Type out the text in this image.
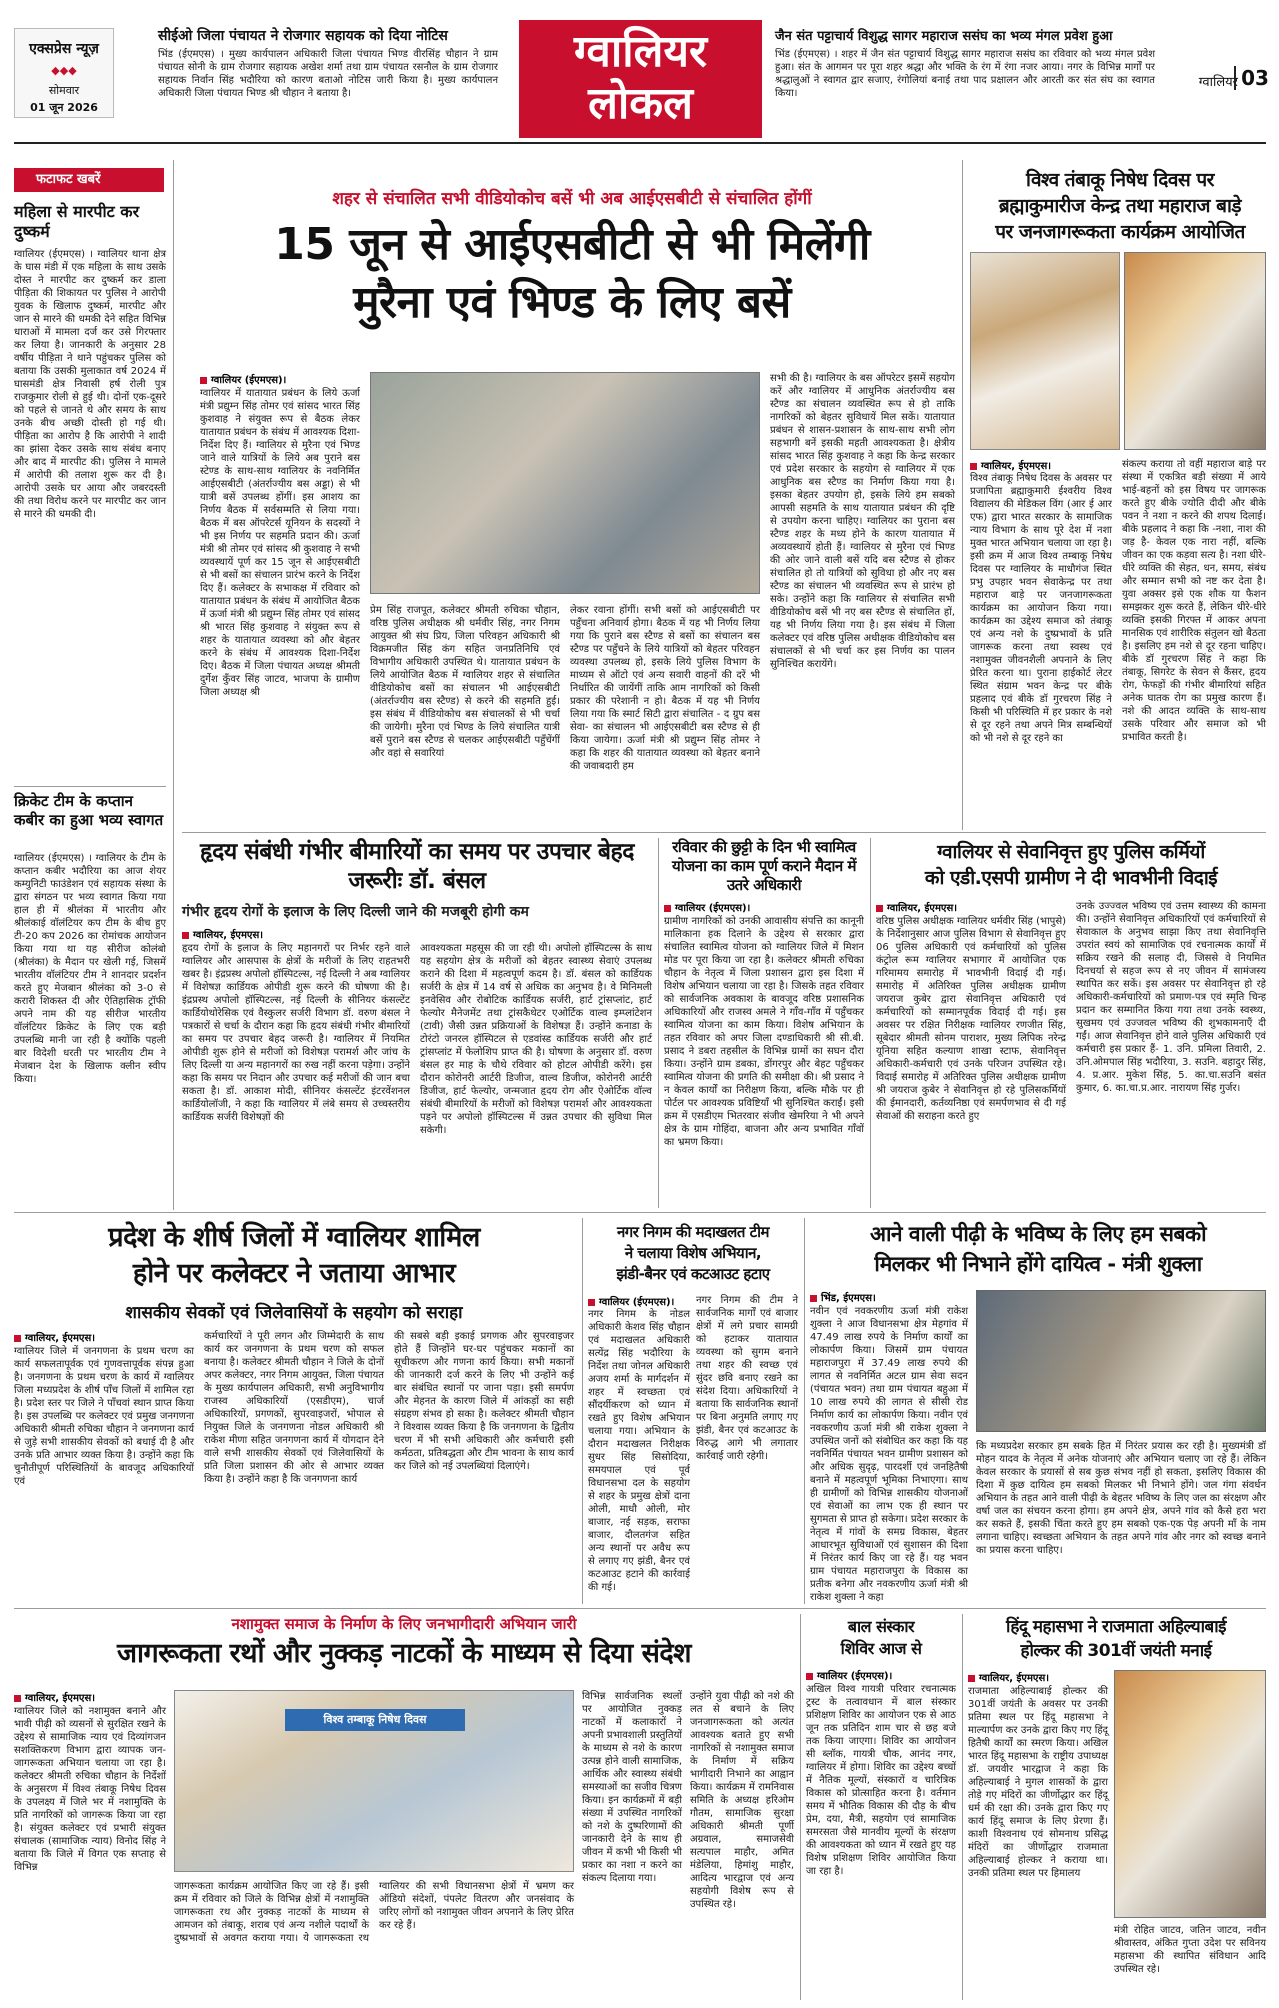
एक्सप्रेस न्यूज़
◆◆◆
सोमवार
01 जून 2026
सीईओ जिला पंचायत ने रोजगार सहायक को दिया नोटिस
भिंड (ईएमएस) । मुख्य कार्यपालन अधिकारी जिला पंचायत भिण्ड वीरसिंह चौहान ने ग्राम पंचायत सोनी के ग्राम रोजगार सहायक अखेश शर्मा तथा ग्राम पंचायत रसनौल के ग्राम रोजगार सहायक निर्वान सिंह भदौरिया को कारण बताओ नोटिस जारी किया है। मुख्य कार्यपालन अधिकारी जिला पंचायत भिण्ड श्री चौहान ने बताया है।
ग्वालियर
लोकल
जैन संत पट्टाचार्य विशुद्ध सागर महाराज ससंघ का भव्य मंगल प्रवेश हुआ
भिंड (ईएमएस) । शहर में जैन संत पट्टाचार्य विशुद्ध सागर महाराज ससंघ का रविवार को भव्य मंगल प्रवेश हुआ। संत के आगमन पर पूरा शहर श्रद्धा और भक्ति के रंग में रंगा नजर आया। नगर के विभिन्न मार्गों पर श्रद्धालुओं ने स्वागत द्वार सजाए, रंगोलियां बनाई तथा पाद प्रक्षालन और आरती कर संत संघ का स्वागत किया।
ग्वालियर 03
फटाफट खबरें
महिला से मारपीट कर दुष्कर्म
ग्वालियर (ईएमएस) । ग्वालियर थाना क्षेत्र के घास मंडी में एक महिला के साथ उसके दोस्त ने मारपीट कर दुष्कर्म कर डाला पीड़िता की शिकायत पर पुलिस ने आरोपी युवक के खिलाफ दुष्कर्म, मारपीट और जान से मारने की धमकी देने सहित विभिन्न धाराओं में मामला दर्ज कर उसे गिरफ्तार कर लिया है। जानकारी के अनुसार 28 वर्षीय पीड़िता ने थाने पहुंचकर पुलिस को बताया कि उसकी मुलाकात वर्ष 2024 में घासमंडी क्षेत्र निवासी हर्ष रोली पुत्र राजकुमार रोली से हुई थी। दोनों एक-दूसरे को पहले से जानते थे और समय के साथ उनके बीच अच्छी दोस्ती हो गई थी। पीड़िता का आरोप है कि आरोपी ने शादी का झांसा देकर उसके साथ संबंध बनाए और बाद में मारपीट की। पुलिस ने मामले में आरोपी की तलाश शुरू कर दी है। आरोपी उसके घर आया और जबरदस्ती की तथा विरोध करने पर मारपीट कर जान से मारने की धमकी दी।
क्रिकेट टीम के कप्तान कबीर का हुआ भव्य स्वागत
ग्वालियर (ईएमएस) । ग्वालियर के टीम के कप्तान कबीर भदौरिया का आज शेयर कम्युनिटी फाउंडेशन एवं सहायक संस्था के द्वारा संगठन पर भव्य स्वागत किया गया हाल ही में श्रीलंका में भारतीय और श्रीलंकाई वॉलंटियर कप टीम के बीच हुए टी-20 कप 2026 का रोमांचक आयोजन किया गया था यह सीरीज कोलंबो (श्रीलंका) के मैदान पर खेली गई, जिसमें भारतीय वॉलंटियर टीम ने शानदार प्रदर्शन करते हुए मेजबान श्रीलंका को 3-0 से करारी शिकस्त दी और ऐतिहासिक ट्रॉफी अपने नाम की यह सीरीज भारतीय वॉलंटियर क्रिकेट के लिए एक बड़ी उपलब्धि मानी जा रही है क्योंकि पहली बार विदेशी धरती पर भारतीय टीम ने मेजबान देश के खिलाफ क्लीन स्वीप किया।
शहर से संचालित सभी वीडियोकोच बसें भी अब आईएसबीटी से संचालित होंगीं
15 जून से आईएसबीटी से भी मिलेंगी
मुरैना एवं भिण्ड के लिए बसें
ग्वालियर (ईएमएस)।
ग्वालियर में यातायात प्रबंधन के लिये ऊर्जा मंत्री प्रद्युम्न सिंह तोमर एवं सांसद भारत सिंह कुशवाह ने संयुक्त रूप से बैठक लेकर यातायात प्रबंधन के संबंध में आवश्यक दिशा-निर्देश दिए हैं। ग्वालियर से मुरैना एवं भिण्ड जाने वाले यात्रियों के लिये अब पुराने बस स्टेण्ड के साथ-साथ ग्वालियर के नवनिर्मित आईएसबीटी (अंतर्राज्यीय बस अड्डा) से भी यात्री बसें उपलब्ध होंगीं। इस आशय का निर्णय बैठक में सर्वसम्मति से लिया गया। बैठक में बस ऑपरेटर्स यूनियन के सदस्यों ने भी इस निर्णय पर सहमति प्रदान की। ऊर्जा मंत्री श्री तोमर एवं सांसद श्री कुशवाह ने सभी व्यवस्थायें पूर्ण कर 15 जून से आईएसबीटी से भी बसों का संचालन प्रारंभ करने के निर्देश दिए हैं। कलेक्टर के सभाकक्ष में रविवार को यातायात प्रबंधन के संबंध में आयोजित बैठक में ऊर्जा मंत्री श्री प्रद्युम्न सिंह तोमर एवं सांसद श्री भारत सिंह कुशवाह ने संयुक्त रूप से शहर के यातायात व्यवस्था को और बेहतर करने के संबंध में आवश्यक दिशा-निर्देश दिए। बैठक में जिला पंचायत अध्यक्ष श्रीमती दुर्गेश कुँवर सिंह जाटव, भाजपा के ग्रामीण जिला अध्यक्ष श्री
प्रेम सिंह राजपूत, कलेक्टर श्रीमती रुचिका चौहान, वरिष्ठ पुलिस अधीक्षक श्री धर्मवीर सिंह, नगर निगम आयुक्त श्री संघ प्रिय, जिला परिवहन अधिकारी श्री विक्रमजीत सिंह कंग सहित जनप्रतिनिधि एवं विभागीय अधिकारी उपस्थित थे। यातायात प्रबंधन के लिये आयोजित बैठक में ग्वालियर शहर से संचालित वीडियोकोच बसों का संचालन भी आईएसबीटी (अंतर्राज्यीय बस स्टैण्ड) से करने की सहमति हुई। इस संबंध में वीडियोकोच बस संचालकों से भी चर्चा की जायेगी। मुरैना एवं भिण्ड के लिये संचालित यात्री बसें पुराने बस स्टैण्ड से चलकर आईएसबीटी पहुँचेंगीं और वहां से सवारियां
लेकर रवाना होंगीं। सभी बसों को आईएसबीटी पर पहुँचना अनिवार्य होगा। बैठक में यह भी निर्णय लिया गया कि पुराने बस स्टैण्ड से बसों का संचालन बस स्टैण्ड पर पहुँचने के लिये यात्रियों को बेहतर परिवहन व्यवस्था उपलब्ध हो, इसके लिये पुलिस विभाग के माध्यम से ऑटो एवं अन्य सवारी वाहनों की दरें भी निर्धारित की जायेंगीं ताकि आम नागरिकों को किसी प्रकार की परेशानी न हो। बैठक में यह भी निर्णय लिया गया कि स्मार्ट सिटी द्वारा संचालित - द ग्रुप बस सेवा- का संचालन भी आईएसबीटी बस स्टैण्ड से ही किया जायेगा। ऊर्जा मंत्री श्री प्रद्युम्न सिंह तोमर ने कहा कि शहर की यातायात व्यवस्था को बेहतर बनाने की जवाबदारी हम
सभी की है। ग्वालियर के बस ऑपरेटर इसमें सहयोग करें और ग्वालियर में आधुनिक अंतर्राज्यीय बस स्टैण्ड का संचालन व्यवस्थित रूप से हो ताकि नागरिकों को बेहतर सुविधायें मिल सकें। यातायात प्रबंधन से शासन-प्रशासन के साथ-साथ सभी लोग सहभागी बनें इसकी महती आवश्यकता है। क्षेत्रीय सांसद भारत सिंह कुशवाह ने कहा कि केन्द्र सरकार एवं प्रदेश सरकार के सहयोग से ग्वालियर में एक आधुनिक बस स्टैण्ड का निर्माण किया गया है। इसका बेहतर उपयोग हो, इसके लिये हम सबको आपसी सहमति के साथ यातायात प्रबंधन की दृष्टि से उपयोग करना चाहिए। ग्वालियर का पुराना बस स्टैण्ड शहर के मध्य होने के कारण यातायात में अव्यवस्थायें होती हैं। ग्वालियर से मुरैना एवं भिण्ड की ओर जाने वाली बसें यदि बस स्टैण्ड से होकर संचालित हो तो यात्रियों को सुविधा हो और नए बस स्टैण्ड का संचालन भी व्यवस्थित रूप से प्रारंभ हो सके। उन्होंने कहा कि ग्वालियर से संचालित सभी वीडियोकोच बसें भी नए बस स्टैण्ड से संचालित हों, यह भी निर्णय लिया गया है। इस संबंध में जिला कलेक्टर एवं वरिष्ठ पुलिस अधीक्षक वीडियोकोच बस संचालकों से भी चर्चा कर इस निर्णय का पालन सुनिश्चित करायेंगे।
विश्व तंबाकू निषेध दिवस पर
ब्रह्माकुमारीज केन्द्र तथा महाराज बाड़े
पर जनजागरूकता कार्यक्रम आयोजित
ग्वालियर, ईएमएस।
विश्व तंबाकू निषेध दिवस के अवसर पर प्रजापिता ब्रह्माकुमारी ईश्वरीय विश्व विद्यालय की मेडिकल विंग (आर ई आर एफ) द्वारा भारत सरकार के सामाजिक न्याय विभाग के साथ पूरे देश में नशा मुक्त भारत अभियान चलाया जा रहा है। इसी क्रम में आज विश्व तम्बाकू निषेध दिवस पर ग्वालियर के माधौगंज स्थित प्रभु उपहार भवन सेवाकेन्द्र पर तथा महाराज बाड़े पर जनजागरूकता कार्यक्रम का आयोजन किया गया। कार्यक्रम का उद्देश्य समाज को तंबाकू एवं अन्य नशे के दुष्प्रभावों के प्रति जागरूक करना तथा स्वस्थ एवं नशामुक्त जीवनशैली अपनाने के लिए प्रेरित करना था। पुराना हाईकोर्ट लेटर स्थित संग्राम भवन केन्द्र पर बीके प्रहलाद एवं बीके डॉ गुरचरण सिंह ने किसी भी परिस्थिति में हर प्रकार के नशे से दूर रहने तथा अपने मित्र सम्बन्धियों को भी नशे से दूर रहने का
संकल्प कराया तो वहीं महाराज बाड़े पर संस्था में एकत्रित बड़ी संख्या में आये भाई-बहनों को इस विषय पर जागरूक करते हुए बीके ज्योति दीदी और बीके पवन ने नशा न करने की शपथ दिलाई। बीके प्रहलाद ने कहा कि -नशा, नाश की जड़ है- केवल एक नारा नहीं, बल्कि जीवन का एक कड़वा सत्य है। नशा धीरे-धीरे व्यक्ति की सेहत, धन, समय, संबंध और सम्मान सभी को नष्ट कर देता है। युवा अक्सर इसे एक शौक या फैशन समझकर शुरू करते हैं, लेकिन धीरे-धीरे व्यक्ति इसकी गिरफ्त में आकर अपना मानसिक एवं शारीरिक संतुलन खो बैठता है। इसलिए हम नशे से दूर रहना चाहिए। बीके डॉ गुरचरण सिंह ने कहा कि तंबाकू, सिगरेट के सेवन से कैंसर, हृदय रोग, फेफड़ों की गंभीर बीमारियां सहित अनेक घातक रोग का प्रमुख कारण हैं। नशे की आदत व्यक्ति के साथ-साथ उसके परिवार और समाज को भी प्रभावित करती है।
हृदय संबंधी गंभीर बीमारियों का समय पर उपचार बेहद जरूरीः डॉ. बंसल
गंभीर हृदय रोगों के इलाज के लिए दिल्ली जाने की मजबूरी होगी कम
ग्वालियर, ईएमएस।
हृदय रोगों के इलाज के लिए महानगरों पर निर्भर रहने वाले ग्वालियर और आसपास के क्षेत्रों के मरीजों के लिए राहतभरी खबर है। इंद्रप्रस्थ अपोलो हॉस्पिटल्स, नई दिल्ली ने अब ग्वालियर में विशेषज्ञ कार्डियक ओपीडी शुरू करने की घोषणा की है। इंद्रप्रस्थ अपोलो हॉस्पिटल्स, नई दिल्ली के सीनियर कंसल्टेंट कार्डियोथोरेसिक एवं वैस्कुलर सर्जरी विभाग डॉ. वरुण बंसल ने पत्रकारों से चर्चा के दौरान कहा कि हृदय संबंधी गंभीर बीमारियों का समय पर उपचार बेहद जरूरी है। ग्वालियर में नियमित ओपीडी शुरू होने से मरीजों को विशेषज्ञ परामर्श और जांच के लिए दिल्ली या अन्य महानगरों का रुख नहीं करना पड़ेगा। उन्होंने कहा कि समय पर निदान और उपचार कई मरीजों की जान बचा सकता है। डॉ. आकाश मोदी, सीनियर कंसल्टेंट इंटरवेंशनल कार्डियोलॉजी, ने कहा कि ग्वालियर में लंबे समय से उच्चस्तरीय कार्डियक सर्जरी विशेषज्ञों की
आवश्यकता महसूस की जा रही थी। अपोलो हॉस्पिटल्स के साथ यह सहयोग क्षेत्र के मरीजों को बेहतर स्वास्थ्य सेवाएं उपलब्ध कराने की दिशा में महत्वपूर्ण कदम है। डॉ. बंसल को कार्डियक सर्जरी के क्षेत्र में 14 वर्ष से अधिक का अनुभव है। वे मिनिमली इनवेसिव और रोबोटिक कार्डियक सर्जरी, हार्ट ट्रांसप्लांट, हार्ट फेल्योर मैनेजमेंट तथा ट्रांसकैथेटर एओर्टिक वाल्व इम्प्लांटेशन (टावी) जैसी उन्नत प्रक्रियाओं के विशेषज्ञ हैं। उन्होंने कनाडा के टोरंटो जनरल हॉस्पिटल से एडवांस्ड कार्डियक सर्जरी और हार्ट ट्रांसप्लांट में फेलोशिप प्राप्त की है। घोषणा के अनुसार डॉ. वरुण बंसल हर माह के चौथे रविवार को होटल ओपीडी करेंगे। इस दौरान कोरोनरी आर्टरी डिजीज, वाल्व डिजीज, कोरोनरी आर्टरी डिजीज, हार्ट फेल्योर, जन्मजात हृदय रोग और ऐओर्टिक वॉल्व संबंधी बीमारियों के मरीजों को विशेषज्ञ परामर्श और आवश्यकता पड़ने पर अपोलो हॉस्पिटल्स में उन्नत उपचार की सुविधा मिल सकेगी।
रविवार की छुट्टी के दिन भी स्वामित्व योजना का काम पूर्ण कराने मैदान में उतरे अधिकारी
ग्वालियर (ईएमएस)।
ग्रामीण नागरिकों को उनकी आवासीय संपत्ति का कानूनी मालिकाना हक दिलाने के उद्देश्य से सरकार द्वारा संचालित स्वामित्व योजना को ग्वालियर जिले में मिशन मोड पर पूरा किया जा रहा है। कलेक्टर श्रीमती रुचिका चौहान के नेतृत्व में जिला प्रशासन द्वारा इस दिशा में विशेष अभियान चलाया जा रहा है। जिसके तहत रविवार को सार्वजनिक अवकाश के बावजूद वरिष्ठ प्रशासनिक अधिकारियों और राजस्व अमले ने गाँव-गाँव में पहुँचकर स्वामित्व योजना का काम किया। विशेष अभियान के तहत रविवार को अपर जिला दण्डाधिकारी श्री सी.बी. प्रसाद ने डबरा तहसील के विभिन्न ग्रामों का सघन दौरा किया। उन्होंने ग्राम डबका, डोंगरपुर और बेहट पहुँचकर स्वामित्व योजना की प्रगति की समीक्षा की। श्री प्रसाद ने न केवल कार्यों का निरीक्षण किया, बल्कि मौके पर ही पोर्टल पर आवश्यक प्रविष्टियाँ भी सुनिश्चित कराईं। इसी क्रम में एसडीएम भितरवार संजीव खेमरिया ने भी अपने क्षेत्र के ग्राम गोहिंदा, बाजना और अन्य प्रभावित गाँवों का भ्रमण किया।
ग्वालियर से सेवानिवृत्त हुए पुलिस कर्मियों
को एडी.एसपी ग्रामीण ने दी भावभीनी विदाई
ग्वालियर, ईएमएस।
वरिष्ठ पुलिस अधीक्षक ग्वालियर धर्मवीर सिंह (भापुसे) के निर्देशानुसार आज पुलिस विभाग से सेवानिवृत्त हुए 06 पुलिस अधिकारी एवं कर्मचारियों को पुलिस कंट्रोल रूम ग्वालियर सभागार में आयोजित एक गरिमामय समारोह में भावभीनी विदाई दी गई। समारोह में अतिरिक्त पुलिस अधीक्षक ग्रामीण जयराज कुबेर द्वारा सेवानिवृत्त अधिकारी एवं कर्मचारियों को सम्मानपूर्वक विदाई दी गई। इस अवसर पर रक्षित निरीक्षक ग्वालियर रणजीत सिंह, सूबेदार श्रीमती सोनम पाराशर, मुख्य लिपिक नरेन्द्र यूनिया सहित कल्याण शाखा स्टाफ, सेवानिवृत्त अधिकारी-कर्मचारी एवं उनके परिजन उपस्थित रहे। विदाई समारोह में अतिरिक्त पुलिस अधीक्षक ग्रामीण श्री जयराज कुबेर ने सेवानिवृत्त हो रहे पुलिसकर्मियों की ईमानदारी, कर्तव्यनिष्ठा एवं समर्पणभाव से दी गई सेवाओं की सराहना करते हुए
उनके उज्ज्वल भविष्य एवं उत्तम स्वास्थ्य की कामना की। उन्होंने सेवानिवृत्त अधिकारियों एवं कर्मचारियों से सेवाकाल के अनुभव साझा किए तथा सेवानिवृत्ति उपरांत स्वयं को सामाजिक एवं रचनात्मक कार्यों में सक्रिय रखने की सलाह दी, जिससे वे नियमित दिनचर्या से सहज रूप से नए जीवन में सामंजस्य स्थापित कर सकें। इस अवसर पर सेवानिवृत्त हो रहे अधिकारी-कर्मचारियों को प्रमाण-पत्र एवं स्मृति चिन्ह प्रदान कर सम्मानित किया गया तथा उनके स्वस्थ्य, सुखमय एवं उज्जवल भविष्य की शुभकामनाएँ दी गईं। आज सेवानिवृत्त होने वाले पुलिस अधिकारी एवं कर्मचारी इस प्रकार हैं- 1. उनि. प्रमिला तिवारी, 2. उनि.ओमपाल सिंह भदौरिया, 3. सउनि. बहादुर सिंह, 4. प्र.आर. मुकेश सिंह, 5. का.चा.सउनि बसंत कुमार, 6. का.चा.प्र.आर. नारायण सिंह गुर्जर।
प्रदेश के शीर्ष जिलों में ग्वालियर शामिल
होने पर कलेक्टर ने जताया आभार
शासकीय सेवकों एवं जिलेवासियों के सहयोग को सराहा
ग्वालियर, ईएमएस।
ग्वालियर जिले में जनगणना के प्रथम चरण का कार्य सफलतापूर्वक एवं गुणवत्तापूर्वक संपन्न हुआ है। जनगणना के प्रथम चरण के कार्य में ग्वालियर जिला मध्यप्रदेश के शीर्ष पाँच जिलों में शामिल रहा है। प्रदेश स्तर पर जिले ने पाँचवां स्थान प्राप्त किया है। इस उपलब्धि पर कलेक्टर एवं प्रमुख जनगणना अधिकारी श्रीमती रुचिका चौहान ने जनगणना कार्य से जुड़े सभी शासकीय सेवकों को बधाई दी है और उनके प्रति आभार व्यक्त किया है। उन्होंने कहा कि चुनौतीपूर्ण परिस्थितियों के बावजूद अधिकारियों एवं
कर्मचारियों ने पूरी लगन और जिम्मेदारी के साथ कार्य कर जनगणना के प्रथम चरण को सफल बनाया है। कलेक्टर श्रीमती चौहान ने जिले के दोनों अपर कलेक्टर, नगर निगम आयुक्त, जिला पंचायत के मुख्य कार्यपालन अधिकारी, सभी अनुविभागीय राजस्व अधिकारियों (एसडीएम), चार्ज अधिकारियों, प्रगणकों, सुपरवाइजरों, भोपाल से नियुक्त जिले के जनगणना नोडल अधिकारी श्री राकेश मीणा सहित जनगणना कार्य में योगदान देने वाले सभी शासकीय सेवकों एवं जिलेवासियों के प्रति जिला प्रशासन की ओर से आभार व्यक्त किया है। उन्होंने कहा है कि जनगणना कार्य
की सबसे बड़ी इकाई प्रगणक और सुपरवाइजर होते हैं जिन्होंने घर-घर पहुंचकर मकानों का सूचीकरण और गणना कार्य किया। सभी मकानों की जानकारी दर्ज करने के लिए भी उन्होंने कई बार संबंधित स्थानों पर जाना पड़ा। इसी समर्पण और मेहनत के कारण जिले में आंकड़ों का सही संग्रहण संभव हो सका है। कलेक्टर श्रीमती चौहान ने विश्वास व्यक्त किया है कि जनगणना के द्वितीय चरण में भी सभी अधिकारी और कर्मचारी इसी कर्मठता, प्रतिबद्धता और टीम भावना के साथ कार्य कर जिले को नई उपलब्धियां दिलाएंगे।
नगर निगम की मदाखलत टीम
ने चलाया विशेष अभियान,
झंडी-बैनर एवं कटआउट हटाए
ग्वालियर (ईएमएस)।
नगर निगम के नोडल अधिकारी केशव सिंह चौहान एवं मदाखलत अधिकारी सत्येंद्र सिंह भदौरिया के निर्देश तथा जोनल अधिकारी अजय शर्मा के मार्गदर्शन में शहर में स्वच्छता एवं सौंदर्यीकरण को ध्यान में रखते हुए विशेष अभियान चलाया गया। अभियान के दौरान मदाखलत निरीक्षक सुधर सिंह सिसोदिया, समयपाल एवं पूर्व विधानसभा दल के सहयोग से शहर के प्रमुख क्षेत्रों दाना ओली, माधौ ओली, मोर बाजार, नई सड़क, सराफा बाजार, दौलतगंज सहित अन्य स्थानों पर अवैध रूप से लगाए गए झंडी, बैनर एवं कटआउट हटाने की कार्रवाई की गई।
नगर निगम की टीम ने सार्वजनिक मार्गों एवं बाजार क्षेत्रों में लगे प्रचार सामग्री को हटाकर यातायात व्यवस्था को सुगम बनाने तथा शहर की स्वच्छ एवं सुंदर छवि बनाए रखने का संदेश दिया। अधिकारियों ने बताया कि सार्वजनिक स्थानों पर बिना अनुमति लगाए गए झंडी, बैनर एवं कटआउट के विरुद्ध आगे भी लगातार कार्रवाई जारी रहेगी।
आने वाली पीढ़ी के भविष्य के लिए हम सबको
मिलकर भी निभाने होंगे दायित्व - मंत्री शुक्ला
भिंड, ईएमएस।
नवीन एवं नवकरणीय ऊर्जा मंत्री राकेश शुक्ला ने आज विधानसभा क्षेत्र मेहगांव में 47.49 लाख रुपये के निर्माण कार्यों का लोकार्पण किया। जिसमें ग्राम पंचायत महाराजपुरा में 37.49 लाख रुपये की लागत से नवनिर्मित अटल ग्राम सेवा सदन (पंचायत भवन) तथा ग्राम पंचायत बहुआ में 10 लाख रुपये की लागत से सीसी रोड निर्माण कार्य का लोकार्पण किया। नवीन एवं नवकरणीय ऊर्जा मंत्री श्री राकेश शुक्ला ने उपस्थित जनों को संबोधित कर कहा कि यह नवनिर्मित पंचायत भवन ग्रामीण प्रशासन को और अधिक सुदृढ़, पारदर्शी एवं जनहितैषी बनाने में महत्वपूर्ण भूमिका निभाएगा। साथ ही ग्रामीणों को विभिन्न शासकीय योजनाओं एवं सेवाओं का लाभ एक ही स्थान पर सुगमता से प्राप्त हो सकेगा। प्रदेश सरकार के नेतृत्व में गांवों के समग्र विकास, बेहतर आधारभूत सुविधाओं एवं सुशासन की दिशा में निरंतर कार्य किए जा रहे हैं। यह भवन ग्राम पंचायत महाराजपुरा के विकास का प्रतीक बनेगा और नवकरणीय ऊर्जा मंत्री श्री राकेश शुक्ला ने कहा
कि मध्यप्रदेश सरकार हम सबके हित में निरंतर प्रयास कर रही है। मुख्यमंत्री डॉ मोहन यादव के नेतृत्व में अनेक योजनाएं और अभियान चलाए जा रहे हैं। लेकिन केवल सरकार के प्रयासों से सब कुछ संभव नहीं हो सकता, इसलिए विकास की दिशा में कुछ दायित्व हम सबको मिलकर भी निभाने होंगे। जल गंगा संवर्धन अभियान के तहत आने वाली पीढ़ी के बेहतर भविष्य के लिए जल का संरक्षण और वर्षा जल का संचयन करना होगा। हम अपने क्षेत्र, अपने गांव को कैसे हरा भरा कर सकते हैं, इसकी चिंता करते हुए हम सबको एक-एक पेड़ अपनी माँ के नाम लगाना चाहिए। स्वच्छता अभियान के तहत अपने गांव और नगर को स्वच्छ बनाने का प्रयास करना चाहिए।
नशामुक्त समाज के निर्माण के लिए जनभागीदारी अभियान जारी
जागरूकता रथों और नुक्कड़ नाटकों के माध्यम से दिया संदेश
ग्वालियर, ईएमएस।
ग्वालियर जिले को नशामुक्त बनाने और भावी पीढ़ी को व्यसनों से सुरक्षित रखने के उद्देश्य से सामाजिक न्याय एवं दिव्यांगजन सशक्तिकरण विभाग द्वारा व्यापक जन-जागरूकता अभियान चलाया जा रहा है। कलेक्टर श्रीमती रुचिका चौहान के निर्देशों के अनुसरण में विश्व तंबाकू निषेध दिवस के उपलक्ष्य में जिले भर में नशामुक्ति के प्रति नागरिकों को जागरूक किया जा रहा है। संयुक्त कलेक्टर एवं प्रभारी संयुक्त संचालक (सामाजिक न्याय) विनोद सिंह ने बताया कि जिले में विगत एक सप्ताह से विभिन्न
विश्व तम्बाकू निषेध दिवस
जागरूकता कार्यक्रम आयोजित किए जा रहे हैं। इसी क्रम में रविवार को जिले के विभिन्न क्षेत्रों में नशामुक्ति जागरूकता रथ और नुक्कड़ नाटकों के माध्यम से आमजन को तंबाकू, शराब एवं अन्य नशीले पदार्थों के दुष्प्रभावों से अवगत कराया गया। ये जागरूकता रथ ग्वालियर की सभी विधानसभा क्षेत्रों में भ्रमण कर ऑडियो संदेशों, पंपलेट वितरण और जनसंवाद के जरिए लोगों को नशामुक्त जीवन अपनाने के लिए प्रेरित कर रहे हैं।
विभिन्न सार्वजनिक स्थलों पर आयोजित नुक्कड़ नाटकों में कलाकारों ने अपनी प्रभावशाली प्रस्तुतियों के माध्यम से नशे के कारण उत्पन्न होने वाली सामाजिक, आर्थिक और स्वास्थ्य संबंधी समस्याओं का सजीव चित्रण किया। इन कार्यक्रमों में बड़ी संख्या में उपस्थित नागरिकों को नशे के दुष्परिणामों की जानकारी देने के साथ ही जीवन में कभी भी किसी भी प्रकार का नशा न करने का संकल्प दिलाया गया।
उन्होंने युवा पीढ़ी को नशे की लत से बचाने के लिए जनजागरूकता को अत्यंत आवश्यक बताते हुए सभी नागरिकों से नशामुक्त समाज के निर्माण में सक्रिय भागीदारी निभाने का आह्वान किया। कार्यक्रम में रामनिवास समिति के अध्यक्ष हरिओम गौतम, सामाजिक सुरक्षा अधिकारी श्रीमती पूर्णी अग्रवाल, समाजसेवी सत्यपाल माहौर, अमित मंडेलिया, हिमांशु माहौर, आदित्य भारद्वाज एवं अन्य सहयोगी विशेष रूप से उपस्थित रहे।
बाल संस्कार
शिविर आज से
ग्वालियर (ईएमएस)।
अखिल विश्व गायत्री परिवार रचनात्मक ट्रस्ट के तत्वावधान में बाल संस्कार प्रशिक्षण शिविर का आयोजन एक से आठ जून तक प्रतिदिन शाम चार से छह बजे तक किया जाएगा। शिविर का आयोजन सी ब्लॉक, गायत्री चौक, आनंद नगर, ग्वालियर में होगा। शिविर का उद्देश्य बच्चों में नैतिक मूल्यों, संस्कारों व चारित्रिक विकास को प्रोत्साहित करना है। वर्तमान समय में भौतिक विकास की दौड़ के बीच प्रेम, दया, मैत्री, सहयोग एवं सामाजिक समरसता जैसे मानवीय मूल्यों के संरक्षण की आवश्यकता को ध्यान में रखते हुए यह विशेष प्रशिक्षण शिविर आयोजित किया जा रहा है।
हिंदू महासभा ने राजमाता अहिल्याबाई
होल्कर की 301वीं जयंती मनाई
ग्वालियर, ईएमएस।
राजमाता अहिल्याबाई होल्कर की 301वीं जयंती के अवसर पर उनकी प्रतिमा स्थल पर हिंदू महासभा ने माल्यार्पण कर उनके द्वारा किए गए हिंदू हितैषी कार्यों का स्मरण किया। अखिल भारत हिंदू महासभा के राष्ट्रीय उपाध्यक्ष डॉ. जयवीर भारद्वाज ने कहा कि अहिल्याबाई ने मुगल शासकों के द्वारा तोड़े गए मंदिरों का जीर्णोद्धार कर हिंदू धर्म की रक्षा की। उनके द्वारा किए गए कार्य हिंदू समाज के लिए प्रेरणा हैं। काशी विश्वनाथ एवं सोमनाथ प्रसिद्ध मंदिरों का जीर्णोद्धार राजमाता अहिल्याबाई होल्कर ने कराया था। उनकी प्रतिमा स्थल पर हिमालय
मंत्री रोहित जाटव, जतिन जाटव, नवीन श्रीवास्तव, अंकित गुप्ता उदेश पर सविनय महासभा की स्थापित संविधान आदि उपस्थित रहे।
